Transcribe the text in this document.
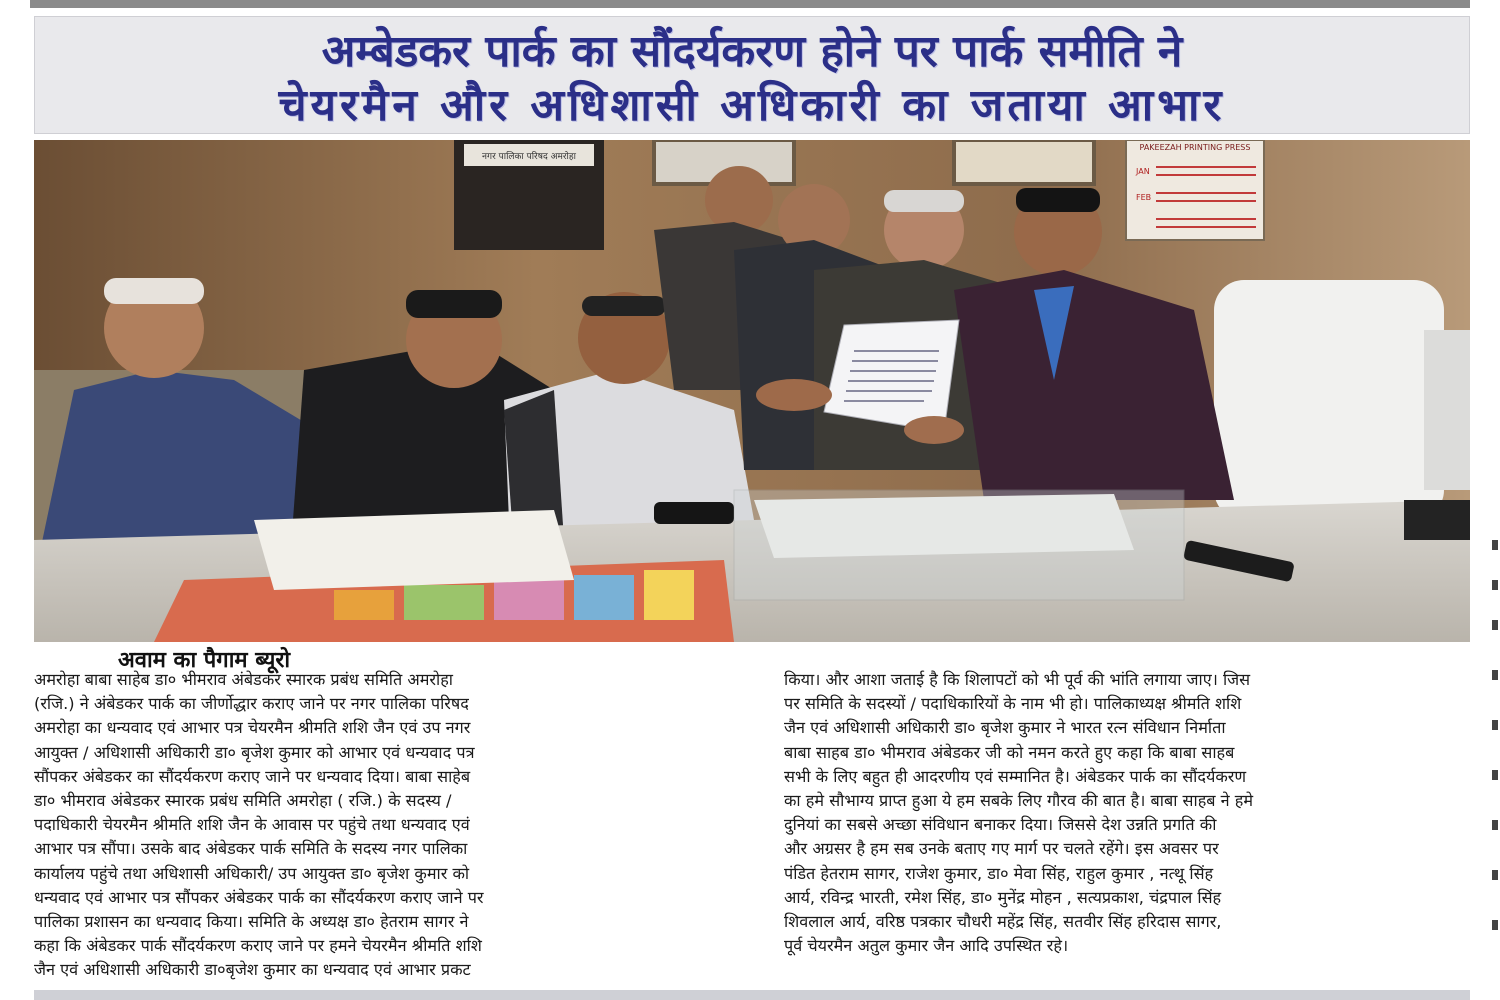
अम्बेडकर पार्क का सौंदर्यकरण होने पर पार्क समीति ने
चेयरमैन और अधिशासी अधिकारी का जताया आभार
नगर पालिका परिषद अमरोहा
PAKEEZAH PRINTING PRESS
JAN
FEB
अवाम का पैगाम ब्यूरो
अमरोहा बाबा साहेब डा० भीमराव अंबेडकर स्मारक प्रबंध समिति अमरोहा
(रजि.) ने अंबेडकर पार्क का जीर्णोद्धार कराए जाने पर नगर पालिका परिषद
अमरोहा का धन्यवाद एवं आभार पत्र चेयरमैन श्रीमति शशि जैन एवं उप नगर
आयुक्त / अधिशासी अधिकारी डा० बृजेश कुमार को आभार एवं धन्यवाद पत्र
सौंपकर अंबेडकर का सौंदर्यकरण कराए जाने पर धन्यवाद दिया। बाबा साहेब
डा० भीमराव अंबेडकर स्मारक प्रबंध समिति अमरोहा ( रजि.) के सदस्य /
पदाधिकारी चेयरमैन श्रीमति शशि जैन के आवास पर पहुंचे तथा धन्यवाद एवं
आभार पत्र सौंपा। उसके बाद अंबेडकर पार्क समिति के सदस्य नगर पालिका
कार्यालय पहुंचे तथा अधिशासी अधिकारी/ उप आयुक्त डा० बृजेश कुमार को
धन्यवाद एवं आभार पत्र सौंपकर अंबेडकर पार्क का सौंदर्यकरण कराए जाने पर
पालिका प्रशासन का धन्यवाद किया। समिति के अध्यक्ष डा० हेतराम सागर ने
कहा कि अंबेडकर पार्क सौंदर्यकरण कराए जाने पर हमने चेयरमैन श्रीमति शशि
जैन एवं अधिशासी अधिकारी डा०बृजेश कुमार का धन्यवाद एवं आभार प्रकट
किया। और आशा जताई है कि शिलापटों को भी पूर्व की भांति लगाया जाए। जिस
पर समिति के सदस्यों / पदाधिकारियों के नाम भी हो। पालिकाध्यक्ष श्रीमति शशि
जैन एवं अधिशासी अधिकारी डा० बृजेश कुमार ने भारत रत्न संविधान निर्माता
बाबा साहब डा० भीमराव अंबेडकर जी को नमन करते हुए कहा कि बाबा साहब
सभी के लिए बहुत ही आदरणीय एवं सम्मानित है। अंबेडकर पार्क का सौंदर्यकरण
का हमे सौभाग्य प्राप्त हुआ ये हम सबके लिए गौरव की बात है। बाबा साहब ने हमे
दुनियां का सबसे अच्छा संविधान बनाकर दिया। जिससे देश उन्नति प्रगति की
और अग्रसर है हम सब उनके बताए गए मार्ग पर चलते रहेंगे। इस अवसर पर
पंडित हेतराम सागर, राजेश कुमार, डा० मेवा सिंह, राहुल कुमार , नत्थू सिंह
आर्य, रविन्द्र भारती, रमेश सिंह, डा० मुनेंद्र मोहन , सत्यप्रकाश, चंद्रपाल सिंह
शिवलाल आर्य, वरिष्ठ पत्रकार चौधरी महेंद्र सिंह, सतवीर सिंह हरिदास सागर,
पूर्व चेयरमैन अतुल कुमार जैन आदि उपस्थित रहे।
